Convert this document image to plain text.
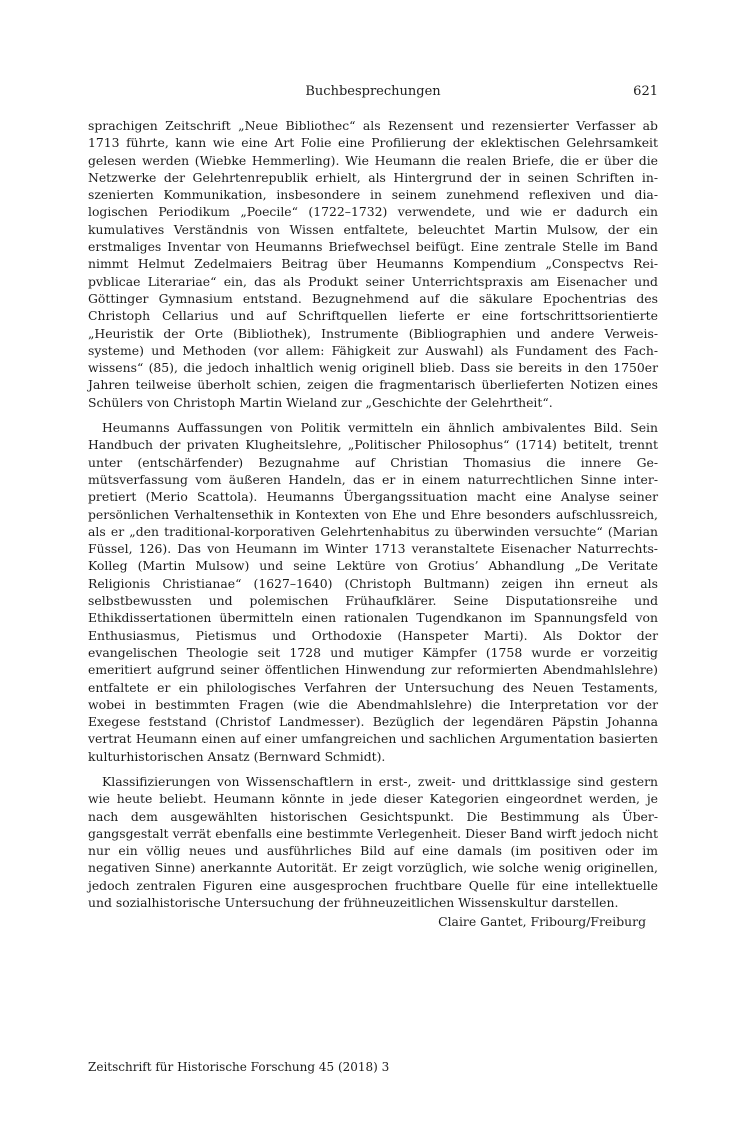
Buchbesprechungen	621

sprachigen Zeitschrift „Neue Bibliothec“ als Rezensent und rezensierter Verfasser ab 1713 führte, kann wie eine Art Folie eine Profilierung der eklektischen Gelehrsamkeit gelesen werden (Wiebke Hemmerling). Wie Heumann die realen Briefe, die er über die Netzwerke der Gelehrtenrepublik erhielt, als Hintergrund der in seinen Schriften inszenierten Kommunikation, insbesondere in seinem zunehmend reflexiven und dialogischen Periodikum „Poecile“ (1722–1732) verwendete, und wie er dadurch ein kumulatives Verständnis von Wissen entfaltete, beleuchtet Martin Mulsow, der ein erstmaliges Inventar von Heumanns Briefwechsel beifügt. Eine zentrale Stelle im Band nimmt Helmut Zedelmaiers Beitrag über Heumanns Kompendium „Conspectvs Reipvblicae Literariae“ ein, das als Produkt seiner Unterrichtspraxis am Eisenacher und Göttinger Gymnasium entstand. Bezugnehmend auf die säkulare Epochentrias des Christoph Cellarius und auf Schriftquellen lieferte er eine fortschrittsorientierte „Heuristik der Orte (Bibliothek), Instrumente (Bibliographien und andere Verweissysteme) und Methoden (vor allem: Fähigkeit zur Auswahl) als Fundament des Fachwissens“ (85), die jedoch inhaltlich wenig originell blieb. Dass sie bereits in den 1750er Jahren teilweise überholt schien, zeigen die fragmentarisch überlieferten Notizen eines Schülers von Christoph Martin Wieland zur „Geschichte der Gelehrtheit“.

Heumanns Auffassungen von Politik vermitteln ein ähnlich ambivalentes Bild. Sein Handbuch der privaten Klugheitslehre, „Politischer Philosophus“ (1714) betitelt, trennt unter (entschärfender) Bezugnahme auf Christian Thomasius die innere Gemütsverfassung vom äußeren Handeln, das er in einem naturrechtlichen Sinne interpretiert (Merio Scattola). Heumanns Übergangssituation macht eine Analyse seiner persönlichen Verhaltensethik in Kontexten von Ehe und Ehre besonders aufschlussreich, als er „den traditional-korporativen Gelehrtenhabitus zu überwinden versuchte“ (Marian Füssel, 126). Das von Heumann im Winter 1713 veranstaltete Eisenacher Naturrechts-Kolleg (Martin Mulsow) und seine Lektüre von Grotius’ Abhandlung „De Veritate Religionis Christianae“ (1627–1640) (Christoph Bultmann) zeigen ihn erneut als selbstbewussten und polemischen Frühaufklärer. Seine Disputationsreihe und Ethikdissertationen übermitteln einen rationalen Tugendkanon im Spannungsfeld von Enthusiasmus, Pietismus und Orthodoxie (Hanspeter Marti). Als Doktor der evangelischen Theologie seit 1728 und mutiger Kämpfer (1758 wurde er vorzeitig emeritiert aufgrund seiner öffentlichen Hinwendung zur reformierten Abendmahlslehre) entfaltete er ein philologisches Verfahren der Untersuchung des Neuen Testaments, wobei in bestimmten Fragen (wie die Abendmahlslehre) die Interpretation vor der Exegese feststand (Christof Landmesser). Bezüglich der legendären Päpstin Johanna vertrat Heumann einen auf einer umfangreichen und sachlichen Argumentation basierten kulturhistorischen Ansatz (Bernward Schmidt).

Klassifizierungen von Wissenschaftlern in erst-, zweit- und drittklassige sind gestern wie heute beliebt. Heumann könnte in jede dieser Kategorien eingeordnet werden, je nach dem ausgewählten historischen Gesichtspunkt. Die Bestimmung als Übergangsgestalt verrät ebenfalls eine bestimmte Verlegenheit. Dieser Band wirft jedoch nicht nur ein völlig neues und ausführliches Bild auf eine damals (im positiven oder im negativen Sinne) anerkannte Autorität. Er zeigt vorzüglich, wie solche wenig originellen, jedoch zentralen Figuren eine ausgesprochen fruchtbare Quelle für eine intellektuelle und sozialhistorische Untersuchung der frühneuzeitlichen Wissenskultur darstellen.

Claire Gantet, Fribourg/Freiburg
Zeitschrift für Historische Forschung 45 (2018) 3
